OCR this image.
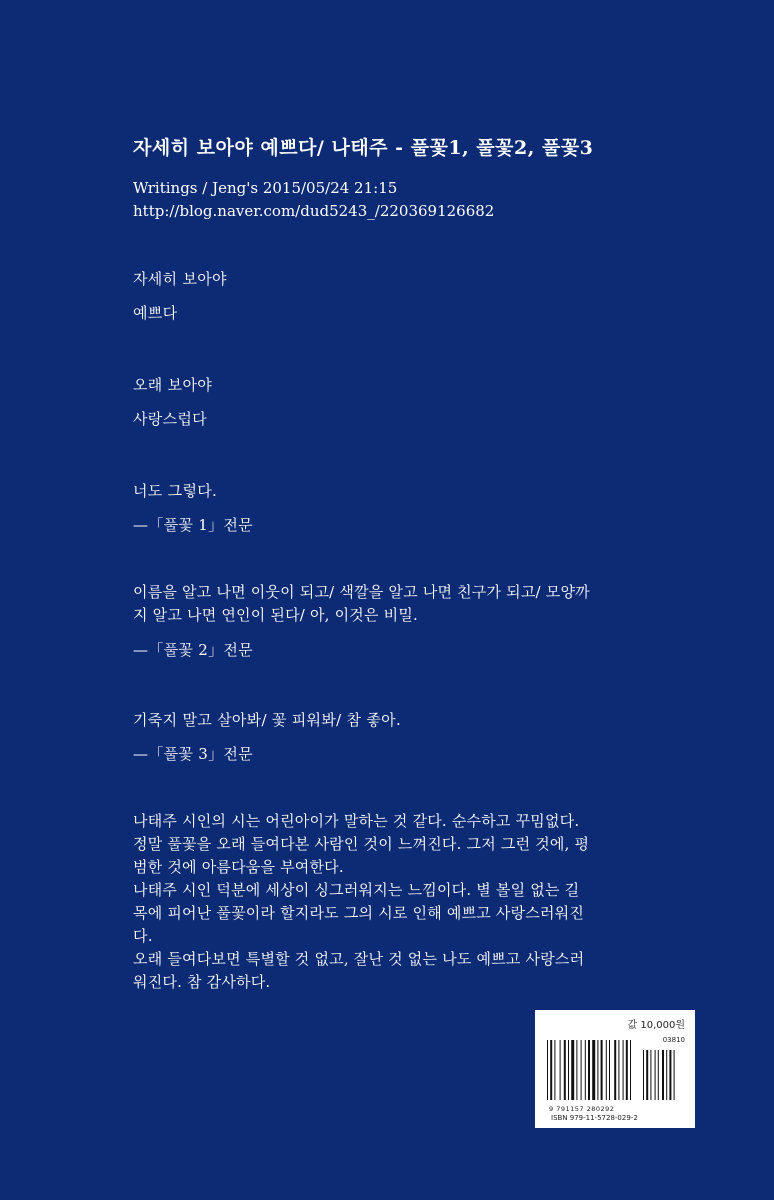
자세히 보아야 예쁘다/ 나태주 - 풀꽃1, 풀꽃2, 풀꽃3
Writings / Jeng's 2015/05/24 21:15
http://blog.naver.com/dud5243_/220369126682
자세히 보아야
예쁘다
오래 보아야
사랑스럽다
너도 그렇다.
—「풀꽃 1」전문
이름을 알고 나면 이웃이 되고/ 색깔을 알고 나면 친구가 되고/ 모양까
지 알고 나면 연인이 된다/ 아, 이것은 비밀.
—「풀꽃 2」전문
기죽지 말고 살아봐/ 꽃 피워봐/ 참 좋아.
—「풀꽃 3」전문
나태주 시인의 시는 어린아이가 말하는 것 같다. 순수하고 꾸밈없다.
정말 풀꽃을 오래 들여다본 사람인 것이 느껴진다. 그저 그런 것에, 평
범한 것에 아름다움을 부여한다.
나태주 시인 덕분에 세상이 싱그러워지는 느낌이다. 별 볼일 없는 길
목에 피어난 풀꽃이라 할지라도 그의 시로 인해 예쁘고 사랑스러워진
다.
오래 들여다보면 특별할 것 없고, 잘난 것 없는 나도 예쁘고 사랑스러
워진다. 참 감사하다.
값 10,000원
03810
9 791157 280292
ISBN 979-11-5728-029-2
